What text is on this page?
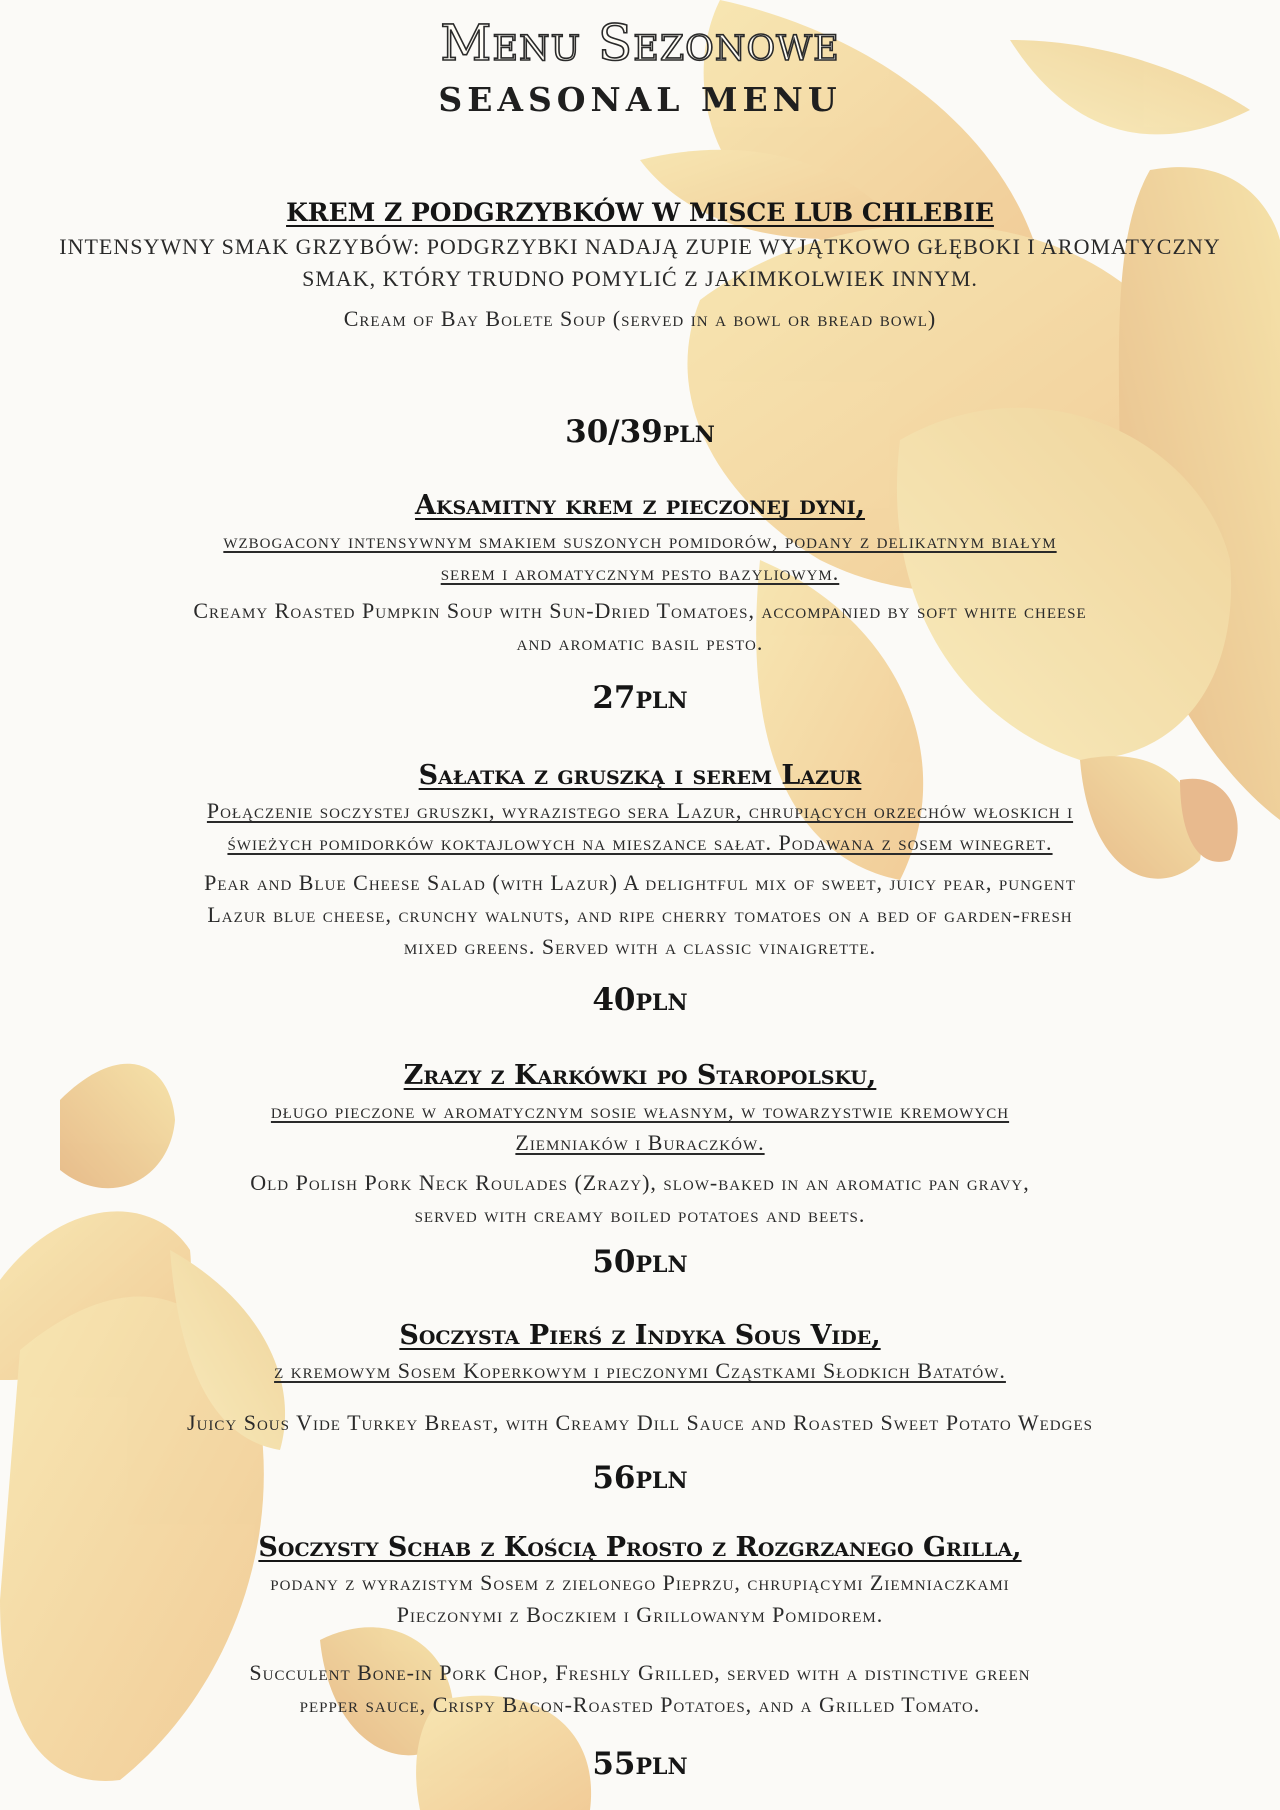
Menu Sezonowe
SEASONAL MENU
KREM Z PODGRZYBKÓW W MISCE LUB CHLEBIE
INTENSYWNY SMAK GRZYBÓW: PODGRZYBKI NADAJĄ ZUPIE WYJĄTKOWO GŁĘBOKI I AROMATYCZNY
SMAK, KTÓRY TRUDNO POMYLIĆ Z JAKIMKOLWIEK INNYM.
Cream of Bay Bolete Soup (served in a bowl or bread bowl)
30/39pln
Aksamitny krem z pieczonej dyni,
wzbogacony intensywnym smakiem suszonych pomidorów, podany z delikatnym białym
serem i aromatycznym pesto bazyliowym.
Creamy Roasted Pumpkin Soup with Sun-Dried Tomatoes, accompanied by soft white cheese
and aromatic basil pesto.
27pln
Sałatka z gruszką i serem Lazur
Połączenie soczystej gruszki, wyrazistego sera Lazur, chrupiących orzechów włoskich i
świeżych pomidorków koktajlowych na mieszance sałat. Podawana z sosem winegret.
Pear and Blue Cheese Salad (with Lazur) A delightful mix of sweet, juicy pear, pungent
Lazur blue cheese, crunchy walnuts, and ripe cherry tomatoes on a bed of garden-fresh
mixed greens. Served with a classic vinaigrette.
40pln
Zrazy z Karkówki po Staropolsku,
długo pieczone w aromatycznym sosie własnym, w towarzystwie kremowych
Ziemniaków i Buraczków.
Old Polish Pork Neck Roulades (Zrazy), slow-baked in an aromatic pan gravy,
served with creamy boiled potatoes and beets.
50pln
Soczysta Pierś z Indyka Sous Vide,
z kremowym Sosem Koperkowym i pieczonymi Cząstkami Słodkich Batatów.
Juicy Sous Vide Turkey Breast, with Creamy Dill Sauce and Roasted Sweet Potato Wedges
56pln
Soczysty Schab z Kością Prosto z Rozgrzanego Grilla,
podany z wyrazistym Sosem z zielonego Pieprzu, chrupiącymi Ziemniaczkami
Pieczonymi z Boczkiem i Grillowanym Pomidorem.
Succulent Bone-in Pork Chop, Freshly Grilled, served with a distinctive green
pepper sauce, Crispy Bacon-Roasted Potatoes, and a Grilled Tomato.
55pln
